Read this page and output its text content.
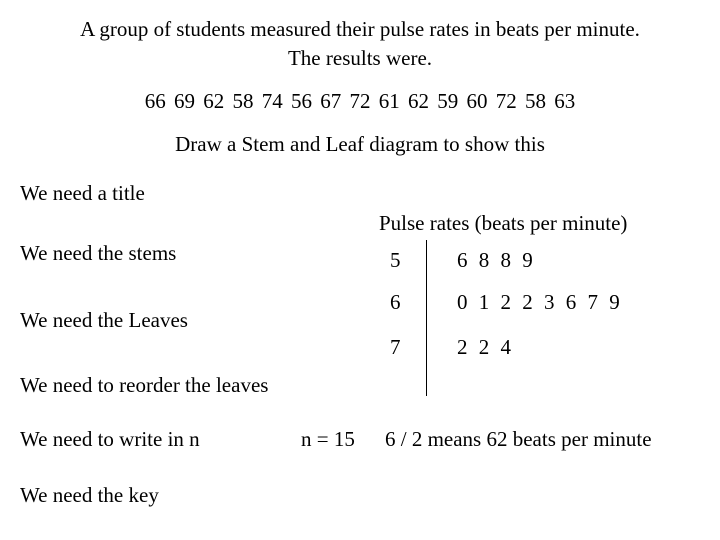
A group of students measured their pulse rates in beats per minute.
The results were.
66 69 62 58 74 56 67 72 61 62 59 60 72 58 63
Draw a Stem and Leaf diagram to show this
We need a title
We need the stems
We need the Leaves
We need to reorder the leaves
We need to write in n
We need the key
Pulse rates (beats per minute)
5	6 8 8 9
6	0 1 2 2 3 6 7 9
7	2 2 4
n = 15 6 / 2 means 62 beats per minute
